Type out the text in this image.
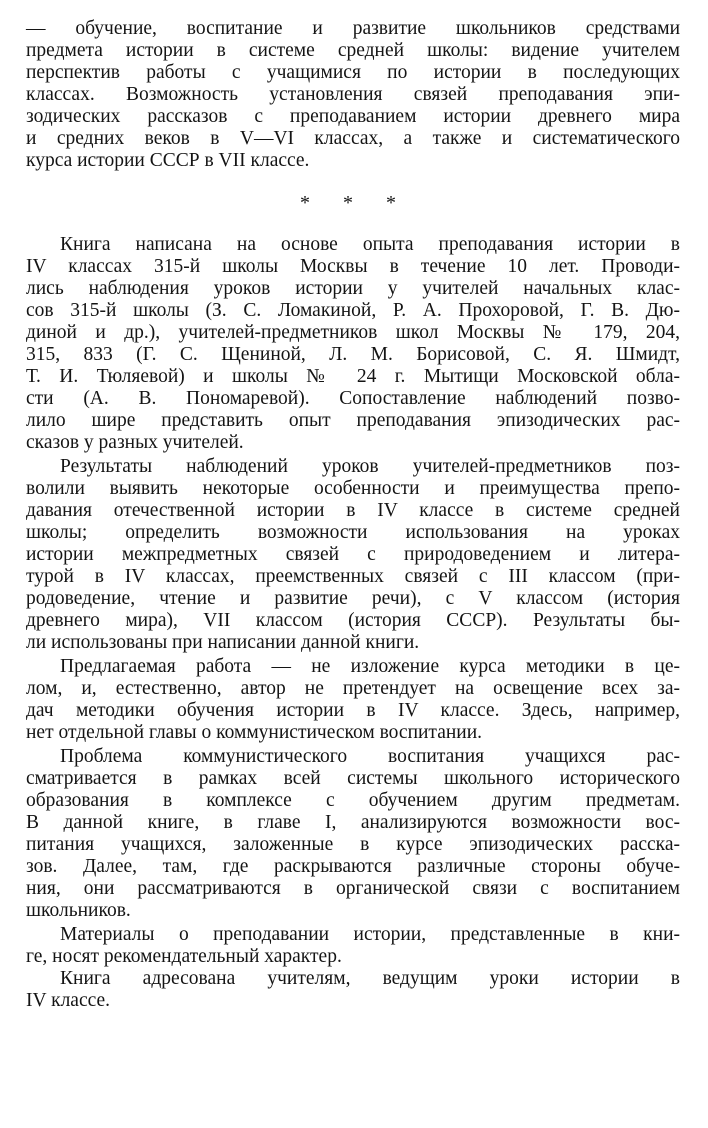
— обучение, воспитание и развитие школьников средствами
предмета истории в системе средней школы: видение учителем
перспектив работы с учащимися по истории в последующих
классах. Возможность установления связей преподавания эпи-
зодических рассказов с преподаванием истории древнего мира
и средних веков в V—VI классах, а также и систематического
курса истории СССР в VII классе.
* * *
Книга написана на основе опыта преподавания истории в
IV классах 315-й школы Москвы в течение 10 лет. Проводи-
лись наблюдения уроков истории у учителей начальных клас-
сов 315-й школы (З. С. Ломакиной, Р. А. Прохоровой, Г. В. Дю-
диной и др.), учителей-предметников школ Москвы № 179, 204,
315, 833 (Г. С. Щениной, Л. М. Борисовой, С. Я. Шмидт,
Т. И. Тюляевой) и школы № 24 г. Мытищи Московской обла-
сти (А. В. Пономаревой). Сопоставление наблюдений позво-
лило шире представить опыт преподавания эпизодических рас-
сказов у разных учителей.
Результаты наблюдений уроков учителей-предметников поз-
волили выявить некоторые особенности и преимущества препо-
давания отечественной истории в IV классе в системе средней
школы; определить возможности использования на уроках
истории межпредметных связей с природоведением и литера-
турой в IV классах, преемственных связей с III классом (при-
родоведение, чтение и развитие речи), с V классом (история
древнего мира), VII классом (история СССР). Результаты бы-
ли использованы при написании данной книги.
Предлагаемая работа — не изложение курса методики в це-
лом, и, естественно, автор не претендует на освещение всех за-
дач методики обучения истории в IV классе. Здесь, например,
нет отдельной главы о коммунистическом воспитании.
Проблема коммунистического воспитания учащихся рас-
сматривается в рамках всей системы школьного исторического
образования в комплексе с обучением другим предметам.
В данной книге, в главе I, анализируются возможности вос-
питания учащихся, заложенные в курсе эпизодических расска-
зов. Далее, там, где раскрываются различные стороны обуче-
ния, они рассматриваются в органической связи с воспитанием
школьников.
Материалы о преподавании истории, представленные в кни-
ге, носят рекомендательный характер.
Книга адресована учителям, ведущим уроки истории в
IV классе.
